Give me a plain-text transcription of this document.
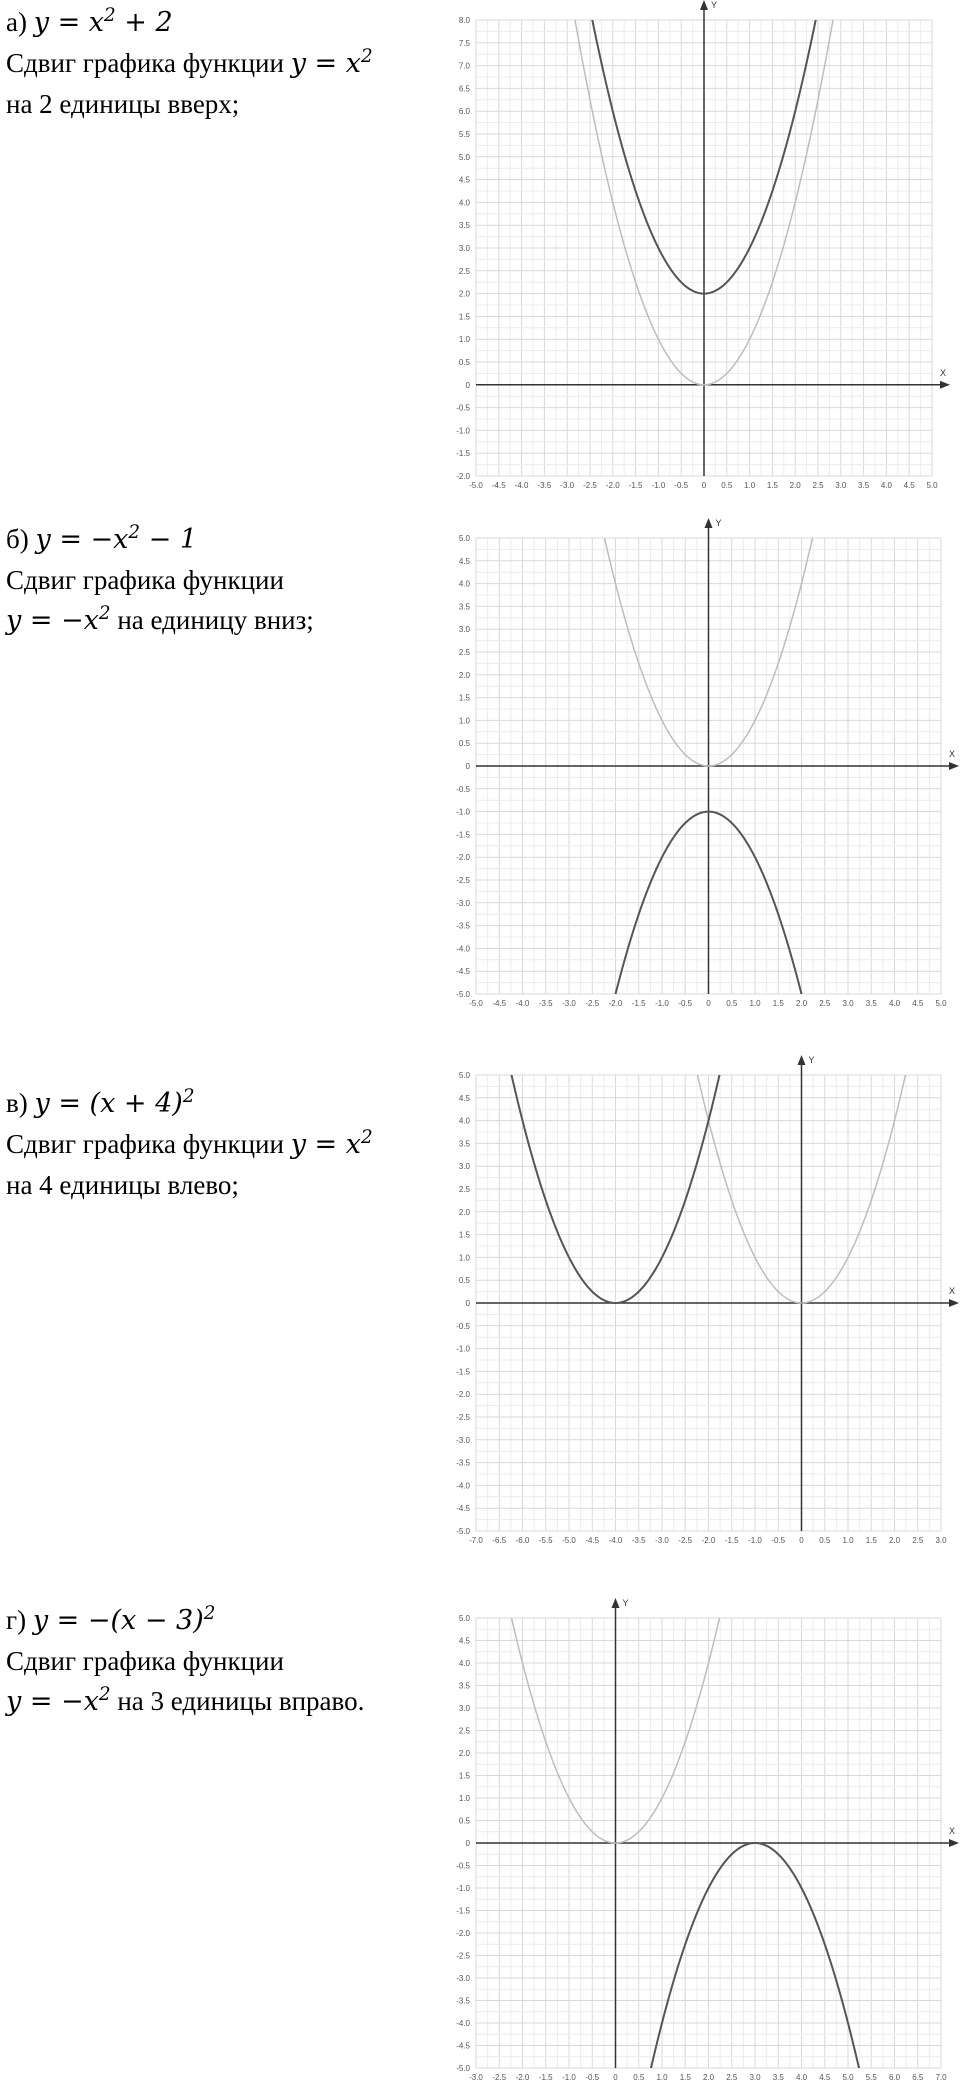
а) $y = x^2 + 2$
Сдвиг графика функции $y = x^2$
на 2 единицы вверх;
б) $y = -x^2 - 1$
Сдвиг графика функции
$y = -x^2$ на единицу вниз;
в) $y = (x + 4)^2$
Сдвиг графика функции $y = x^2$
на 4 единицы влево;
г) $y = -(x - 3)^2$
Сдвиг графика функции
$y = -x^2$ на 3 единицы вправо.
X
Y
-5.0 -4.5 -4.0 -3.5 -3.0 -2.5 -2.0 -1.5 -1.0 -0.5 0 0.5 1.0 1.5 2.0 2.5 3.0 3.5 4.0 4.5 5.0
-2.0
-1.5
-1.0
-0.5
0
0.5
1.0
1.5
2.0
2.5
3.0
3.5
4.0
4.5
5.0
5.5
6.0
6.5
7.0
7.5
8.0
X
Y
-5.0 -4.5 -4.0 -3.5 -3.0 -2.5 -2.0 -1.5 -1.0 -0.5 0 0.5 1.0 1.5 2.0 2.5 3.0 3.5 4.0 4.5 5.0
-5.0
-4.5
-4.0
-3.5
-3.0
-2.5
-2.0
-1.5
-1.0
-0.5
0
0.5
1.0
1.5
2.0
2.5
3.0
3.5
4.0
4.5
5.0
X
Y
-7.0 -6.5 -6.0 -5.5 -5.0 -4.5 -4.0 -3.5 -3.0 -2.5 -2.0 -1.5 -1.0 -0.5 0 0.5 1.0 1.5 2.0 2.5 3.0
-5.0
-4.5
-4.0
-3.5
-3.0
-2.5
-2.0
-1.5
-1.0
-0.5
0
0.5
1.0
1.5
2.0
2.5
3.0
3.5
4.0
4.5
5.0
X
Y
-3.0 -2.5 -2.0 -1.5 -1.0 -0.5 0 0.5 1.0 1.5 2.0 2.5 3.0 3.5 4.0 4.5 5.0 5.5 6.0 6.5 7.0
-5.0
-4.5
-4.0
-3.5
-3.0
-2.5
-2.0
-1.5
-1.0
-0.5
0
0.5
1.0
1.5
2.0
2.5
3.0
3.5
4.0
4.5
5.0
